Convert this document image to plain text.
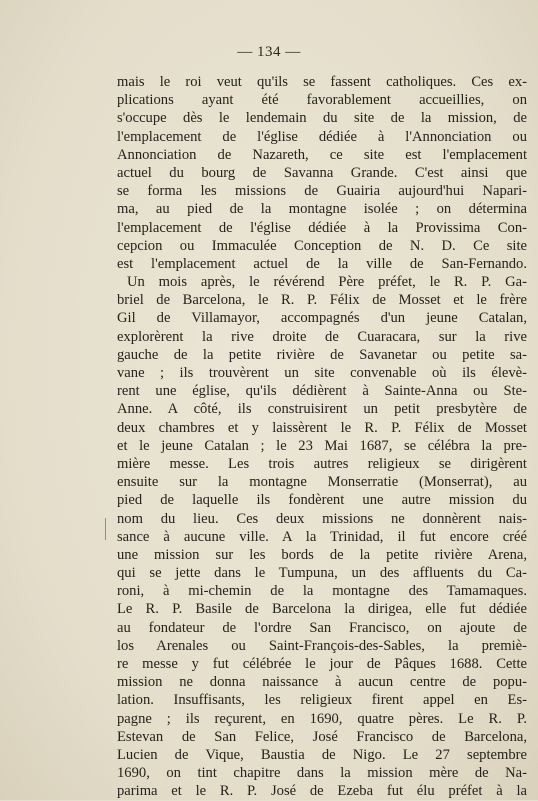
— 134 —
mais le roi veut qu'ils se fassent catholiques. Ces ex-
plications ayant été favorablement accueillies, on
s'occupe dès le lendemain du site de la mission, de
l'emplacement de l'église dédiée à l'Annonciation ou
Annonciation de Nazareth, ce site est l'emplacement
actuel du bourg de Savanna Grande. C'est ainsi que
se forma les missions de Guairia aujourd'hui Napari-
ma, au pied de la montagne isolée ; on détermina
l'emplacement de l'église dédiée à la Provissima Con-
cepcion ou Immaculée Conception de N. D. Ce site
est l'emplacement actuel de la ville de San-Fernando.
Un mois après, le révérend Père préfet, le R. P. Ga-
briel de Barcelona, le R. P. Félix de Mosset et le frère
Gil de Villamayor, accompagnés d'un jeune Catalan,
explorèrent la rive droite de Cuaracara, sur la rive
gauche de la petite rivière de Savanetar ou petite sa-
vane ; ils trouvèrent un site convenable où ils élevè-
rent une église, qu'ils dédièrent à Sainte-Anna ou Ste-
Anne. A côté, ils construisirent un petit presbytère de
deux chambres et y laissèrent le R. P. Félix de Mosset
et le jeune Catalan ; le 23 Mai 1687, se célébra la pre-
mière messe. Les trois autres religieux se dirigèrent
ensuite sur la montagne Monserratie (Monserrat), au
pied de laquelle ils fondèrent une autre mission du
nom du lieu. Ces deux missions ne donnèrent nais-
sance à aucune ville. A la Trinidad, il fut encore créé
une mission sur les bords de la petite rivière Arena,
qui se jette dans le Tumpuna, un des affluents du Ca-
roni, à mi-chemin de la montagne des Tamamaques.
Le R. P. Basile de Barcelona la dirigea, elle fut dédiée
au fondateur de l'ordre San Francisco, on ajoute de
los Arenales ou Saint-François-des-Sables, la premiè-
re messe y fut célébrée le jour de Pâques 1688. Cette
mission ne donna naissance à aucun centre de popu-
lation. Insuffisants, les religieux firent appel en Es-
pagne ; ils reçurent, en 1690, quatre pères. Le R. P.
Estevan de San Felice, José Francisco de Barcelona,
Lucien de Vique, Baustia de Nigo. Le 27 septembre
1690, on tint chapitre dans la mission mère de Na-
parima et le R. P. José de Ezeba fut élu préfet à la
